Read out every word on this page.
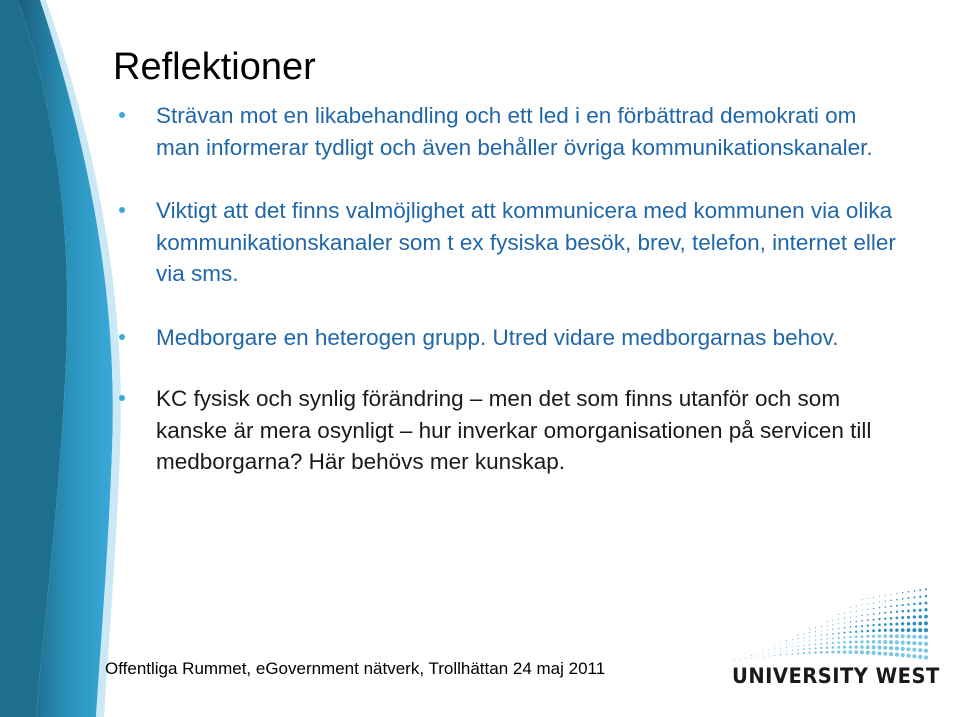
Reflektioner
Strävan mot en likabehandling och ett led i en förbättrad demokrati om man informerar tydligt och även behåller övriga kommunikationskanaler.
Viktigt att det finns valmöjlighet att kommunicera med kommunen via olika kommunikationskanaler som t ex fysiska besök, brev, telefon, internet eller via sms.
Medborgare en heterogen grupp. Utred vidare medborgarnas behov.
KC fysisk och synlig förändring – men det som finns utanför och som kanske är mera osynligt – hur inverkar omorganisationen på servicen till medborgarna? Här behövs mer kunskap.
Offentliga Rummet, eGovernment nätverk, Trollhättan 24 maj 2011	UNIVERSITY WEST
